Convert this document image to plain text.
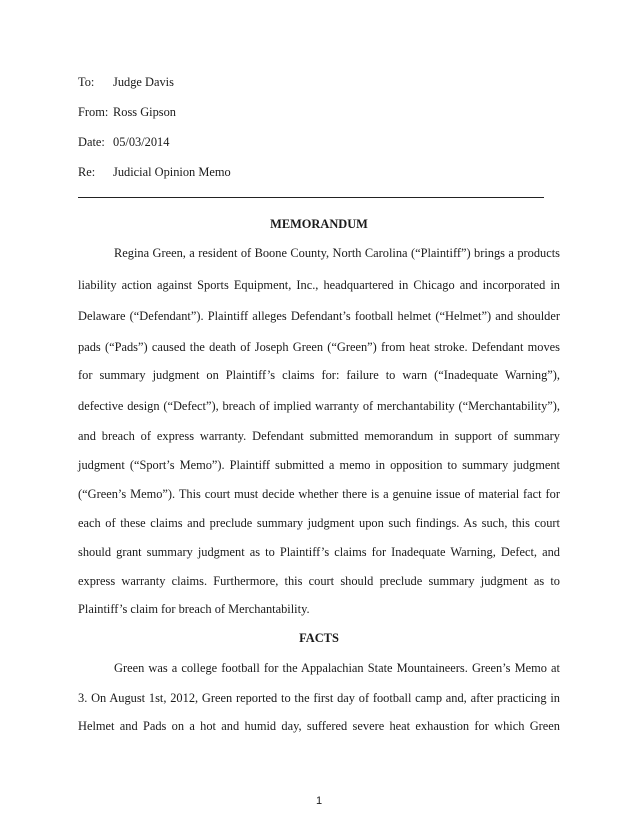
To: Judge Davis
From: Ross Gipson
Date: 05/03/2014
Re: Judicial Opinion Memo
MEMORANDUM
Regina Green, a resident of Boone County, North Carolina (“Plaintiff”) brings a products
liability action against Sports Equipment, Inc., headquartered in Chicago and incorporated in
Delaware (“Defendant”). Plaintiff alleges Defendant’s football helmet (“Helmet”) and shoulder
pads (“Pads”) caused the death of Joseph Green (“Green”) from heat stroke. Defendant moves
for summary judgment on Plaintiff’s claims for: failure to warn (“Inadequate Warning”),
defective design (“Defect”), breach of implied warranty of merchantability (“Merchantability”),
and breach of express warranty. Defendant submitted memorandum in support of summary
judgment (“Sport’s Memo”). Plaintiff submitted a memo in opposition to summary judgment
(“Green’s Memo”). This court must decide whether there is a genuine issue of material fact for
each of these claims and preclude summary judgment upon such findings. As such, this court
should grant summary judgment as to Plaintiff’s claims for Inadequate Warning, Defect, and
express warranty claims. Furthermore, this court should preclude summary judgment as to
Plaintiff’s claim for breach of Merchantability.
FACTS
Green was a college football for the Appalachian State Mountaineers. Green’s Memo at
3. On August 1st, 2012, Green reported to the first day of football camp and, after practicing in
Helmet and Pads on a hot and humid day, suffered severe heat exhaustion for which Green
1
